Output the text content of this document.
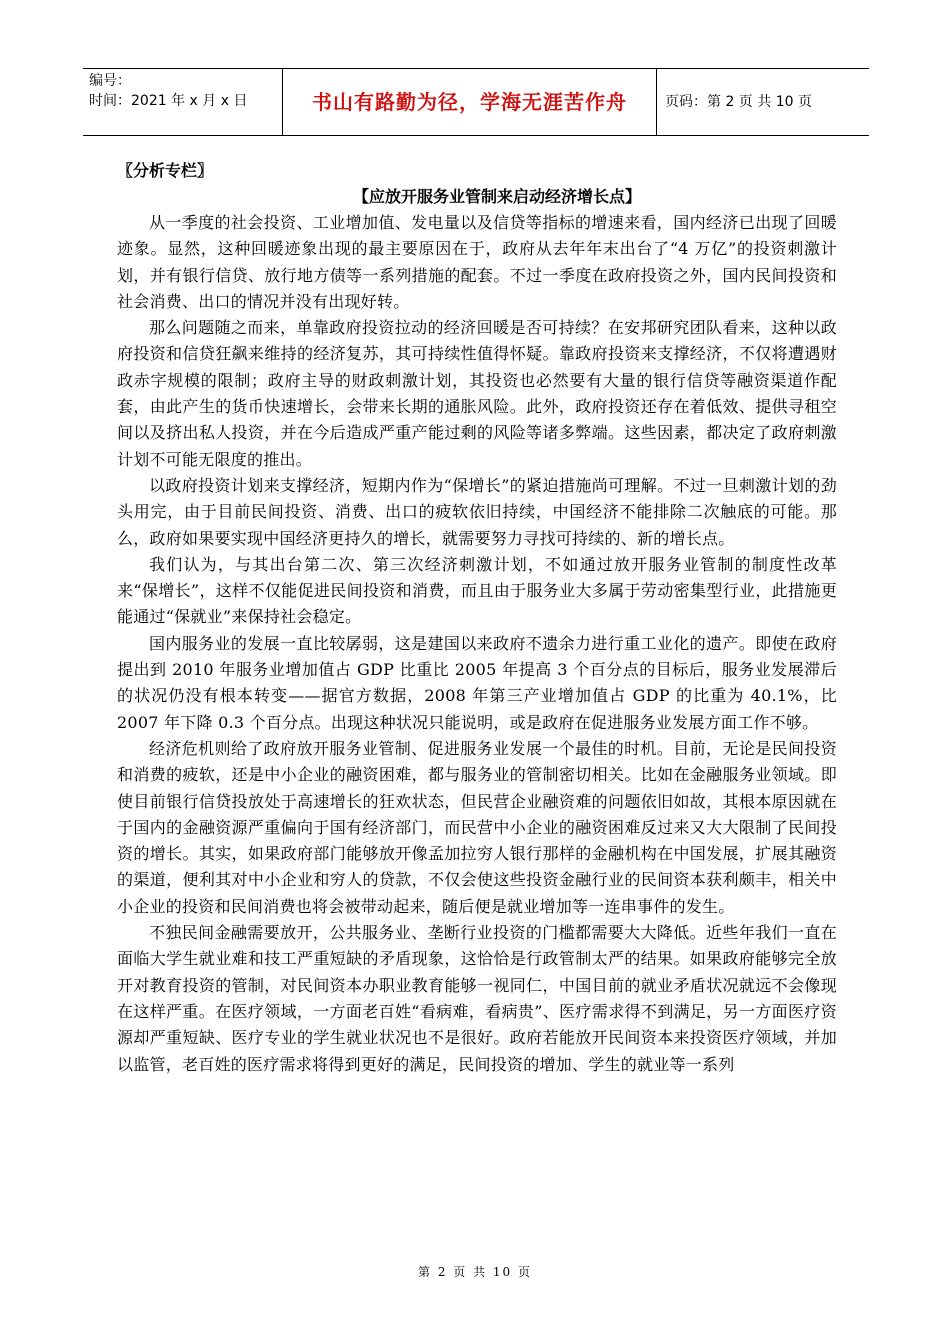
编号：
时间：2021 年 x 月 x 日	书山有路勤为径，学海无涯苦作舟	页码：第 2 页 共 10 页

〖分析专栏〗

【应放开服务业管制来启动经济增长点】

从一季度的社会投资、工业增加值、发电量以及信贷等指标的增速来看，国内经济已出现了回暖迹象。显然，这种回暖迹象出现的最主要原因在于，政府从去年年末出台了“4 万亿”的投资刺激计划，并有银行信贷、放行地方债等一系列措施的配套。不过一季度在政府投资之外，国内民间投资和社会消费、出口的情况并没有出现好转。

那么问题随之而来，单靠政府投资拉动的经济回暖是否可持续？在安邦研究团队看来，这种以政府投资和信贷狂飙来维持的经济复苏，其可持续性值得怀疑。靠政府投资来支撑经济，不仅将遭遇财政赤字规模的限制；政府主导的财政刺激计划，其投资也必然要有大量的银行信贷等融资渠道作配套，由此产生的货币快速增长，会带来长期的通胀风险。此外，政府投资还存在着低效、提供寻租空间以及挤出私人投资，并在今后造成严重产能过剩的风险等诸多弊端。这些因素，都决定了政府刺激计划不可能无限度的推出。

以政府投资计划来支撑经济，短期内作为“保增长”的紧迫措施尚可理解。不过一旦刺激计划的劲头用完，由于目前民间投资、消费、出口的疲软依旧持续，中国经济不能排除二次触底的可能。那么，政府如果要实现中国经济更持久的增长，就需要努力寻找可持续的、新的增长点。

我们认为，与其出台第二次、第三次经济刺激计划，不如通过放开服务业管制的制度性改革来“保增长”，这样不仅能促进民间投资和消费，而且由于服务业大多属于劳动密集型行业，此措施更能通过“保就业”来保持社会稳定。

国内服务业的发展一直比较孱弱，这是建国以来政府不遗余力进行重工业化的遗产。即使在政府提出到 2010 年服务业增加值占 GDP 比重比 2005 年提高 3 个百分点的目标后，服务业发展滞后的状况仍没有根本转变——据官方数据，2008 年第三产业增加值占 GDP 的比重为 40.1%，比 2007 年下降 0.3 个百分点。出现这种状况只能说明，或是政府在促进服务业发展方面工作不够。

经济危机则给了政府放开服务业管制、促进服务业发展一个最佳的时机。目前，无论是民间投资和消费的疲软，还是中小企业的融资困难，都与服务业的管制密切相关。比如在金融服务业领域。即使目前银行信贷投放处于高速增长的狂欢状态，但民营企业融资难的问题依旧如故，其根本原因就在于国内的金融资源严重偏向于国有经济部门，而民营中小企业的融资困难反过来又大大限制了民间投资的增长。其实，如果政府部门能够放开像孟加拉穷人银行那样的金融机构在中国发展，扩展其融资的渠道，便利其对中小企业和穷人的贷款，不仅会使这些投资金融行业的民间资本获利颇丰，相关中小企业的投资和民间消费也将会被带动起来，随后便是就业增加等一连串事件的发生。

不独民间金融需要放开，公共服务业、垄断行业投资的门槛都需要大大降低。近些年我们一直在面临大学生就业难和技工严重短缺的矛盾现象，这恰恰是行政管制太严的结果。如果政府能够完全放开对教育投资的管制，对民间资本办职业教育能够一视同仁，中国目前的就业矛盾状况就远不会像现在这样严重。在医疗领域，一方面老百姓“看病难，看病贵”、医疗需求得不到满足，另一方面医疗资源却严重短缺、医疗专业的学生就业状况也不是很好。政府若能放开民间资本来投资医疗领域，并加以监管，老百姓的医疗需求将得到更好的满足，民间投资的增加、学生的就业等一系列

第 2 页 共 10 页
